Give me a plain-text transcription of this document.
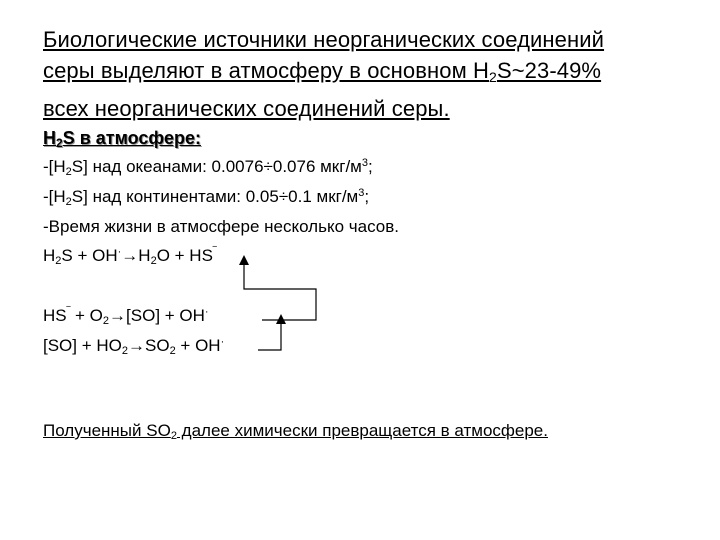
Биологические источники неорганических соединений
серы выделяют в атмосферу в основном $H_2S\sim 23-49\%$
всех неорганических соединений серы.
$H_2S$ в атмосфере:
$-[H_2S]$ над океанами: 0.0076÷0.076 мкг/$м^3$;
$-[H_2S]$ над континентами: 0.05÷0.1 мкг/$м^3$;
-Время жизни в атмосфере несколько часов.
$H_2S + OH^\cdot\to H_2O + HS^‾$
$HS^‾ + O_2\to[SO] + OH^\cdot$
$[SO] + HO_2\to SO_2 + OH^\cdot$
Полученный $SO_2$ далее химически превращается в атмосфере.
